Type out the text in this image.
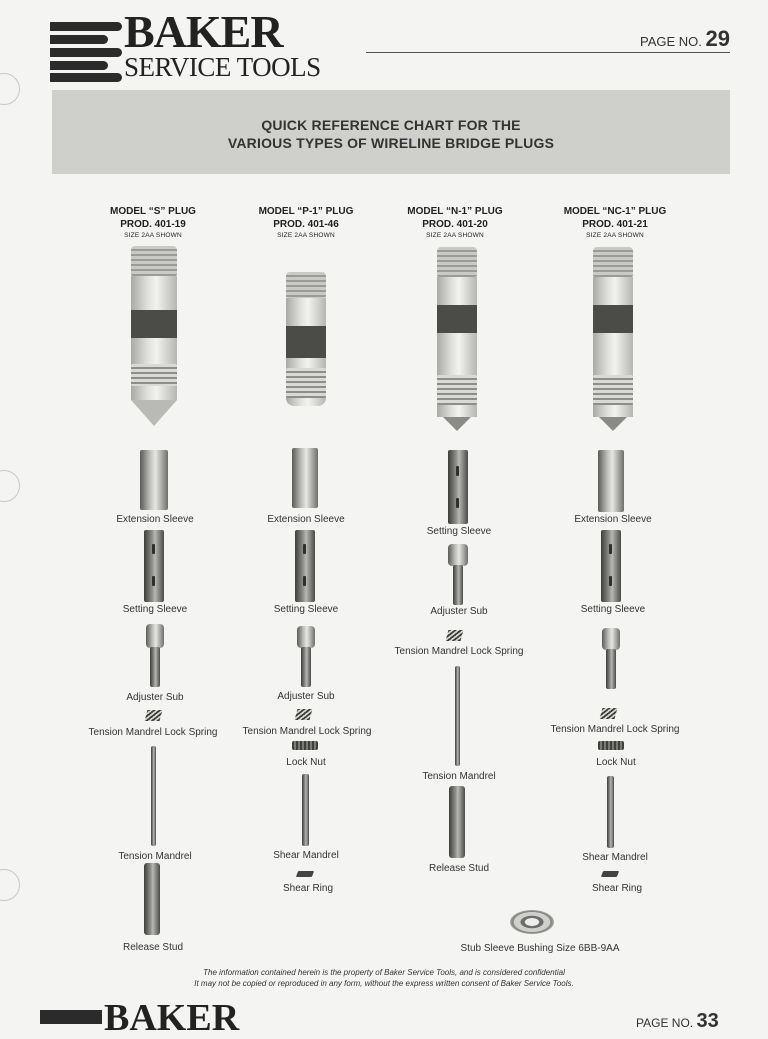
BAKER
SERVICE TOOLS
PAGE NO. 29
QUICK REFERENCE CHART FOR THE
VARIOUS TYPES OF WIRELINE BRIDGE PLUGS
MODEL “S” PLUG
PROD. 401-19
SIZE 2AA SHOWN
MODEL “P-1” PLUG
PROD. 401-46
SIZE 2AA SHOWN
MODEL “N-1” PLUG
PROD. 401-20
SIZE 2AA SHOWN
MODEL “NC-1” PLUG
PROD. 401-21
SIZE 2AA SHOWN
Extension Sleeve
Setting Sleeve
Adjuster Sub
Tension Mandrel Lock Spring
Tension Mandrel
Release Stud
Extension Sleeve
Setting Sleeve
Adjuster Sub
Tension Mandrel Lock Spring
Lock Nut
Shear Mandrel
Shear Ring
Setting Sleeve
Adjuster Sub
Tension Mandrel Lock Spring
Tension Mandrel
Release Stud
Extension Sleeve
Setting Sleeve
Tension Mandrel Lock Spring
Lock Nut
Shear Mandrel
Shear Ring
Stub Sleeve Bushing Size 6BB-9AA
The information contained herein is the property of Baker Service Tools, and is considered confidential
It may not be copied or reproduced in any form, without the express written consent of Baker Service Tools.
BAKER	PAGE NO. 33
